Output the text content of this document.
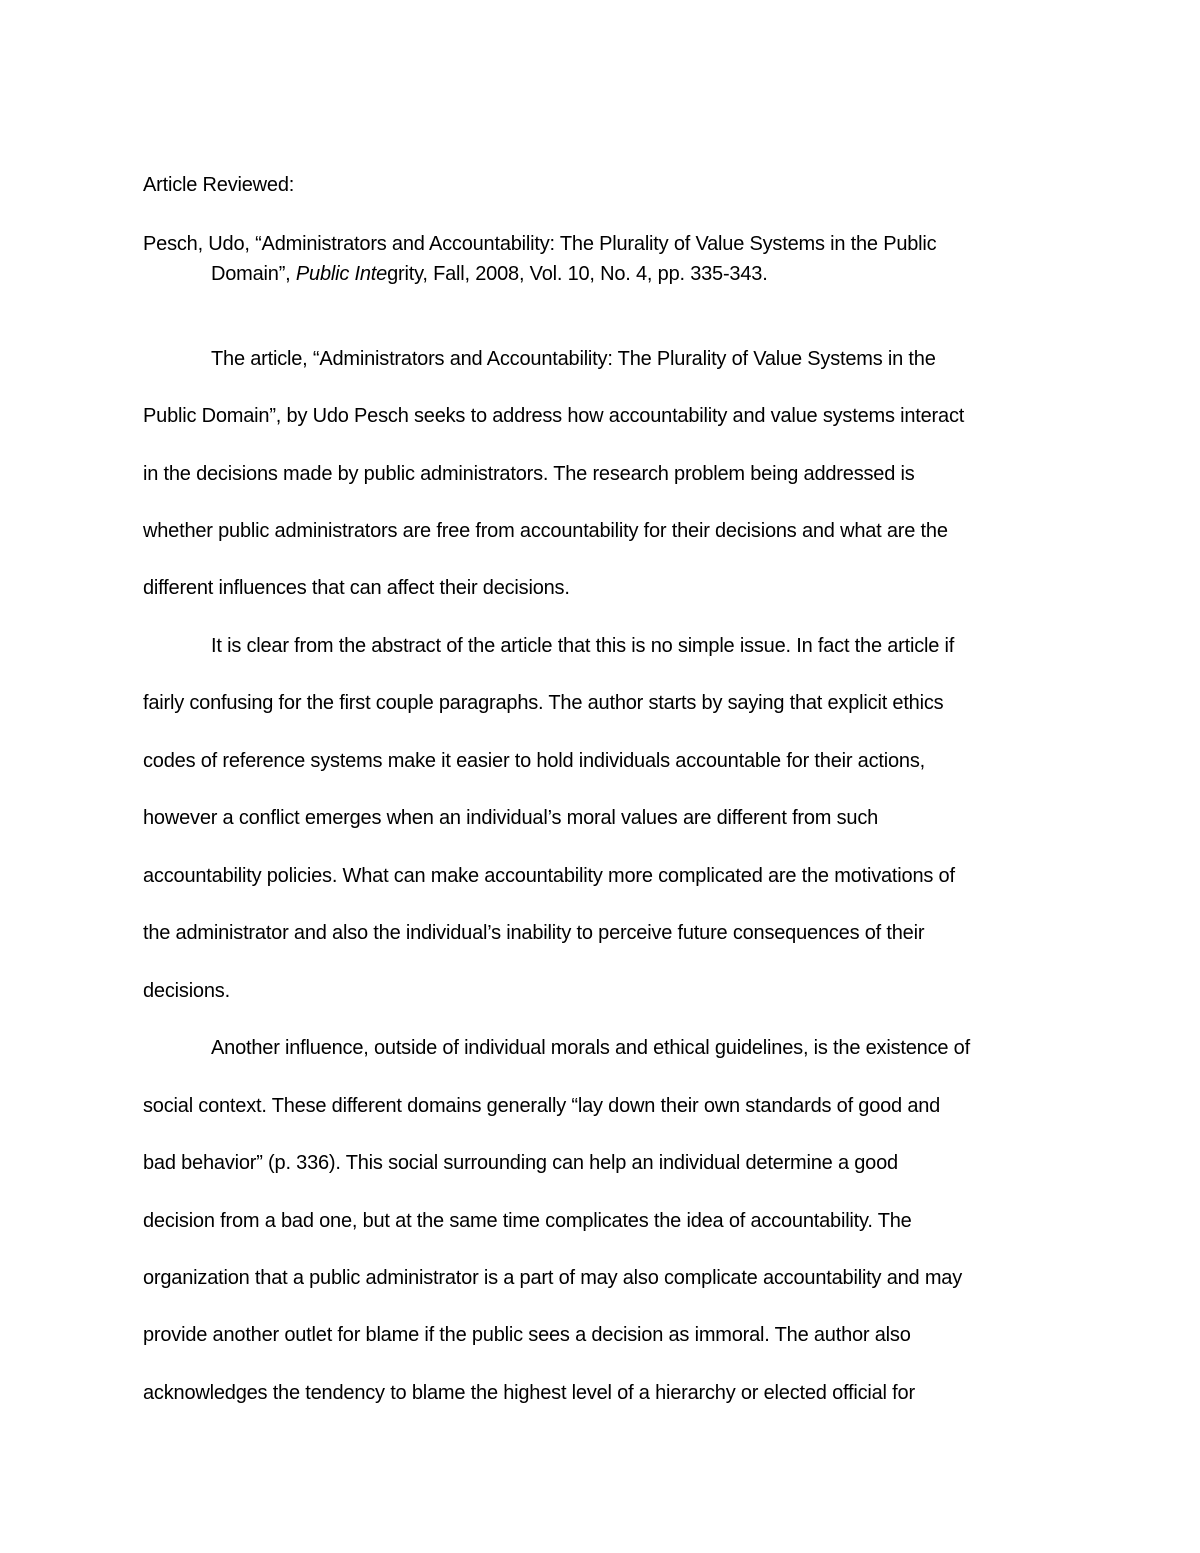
Article Reviewed:
Pesch, Udo, “Administrators and Accountability: The Plurality of Value Systems in the Public
Domain”, Public Integrity, Fall, 2008, Vol. 10, No. 4, pp. 335-343.
The article, “Administrators and Accountability: The Plurality of Value Systems in the
Public Domain”, by Udo Pesch seeks to address how accountability and value systems interact
in the decisions made by public administrators. The research problem being addressed is
whether public administrators are free from accountability for their decisions and what are the
different influences that can affect their decisions.
It is clear from the abstract of the article that this is no simple issue. In fact the article if
fairly confusing for the first couple paragraphs. The author starts by saying that explicit ethics
codes of reference systems make it easier to hold individuals accountable for their actions,
however a conflict emerges when an individual’s moral values are different from such
accountability policies. What can make accountability more complicated are the motivations of
the administrator and also the individual’s inability to perceive future consequences of their
decisions.
Another influence, outside of individual morals and ethical guidelines, is the existence of
social context. These different domains generally “lay down their own standards of good and
bad behavior” (p. 336). This social surrounding can help an individual determine a good
decision from a bad one, but at the same time complicates the idea of accountability. The
organization that a public administrator is a part of may also complicate accountability and may
provide another outlet for blame if the public sees a decision as immoral. The author also
acknowledges the tendency to blame the highest level of a hierarchy or elected official for
